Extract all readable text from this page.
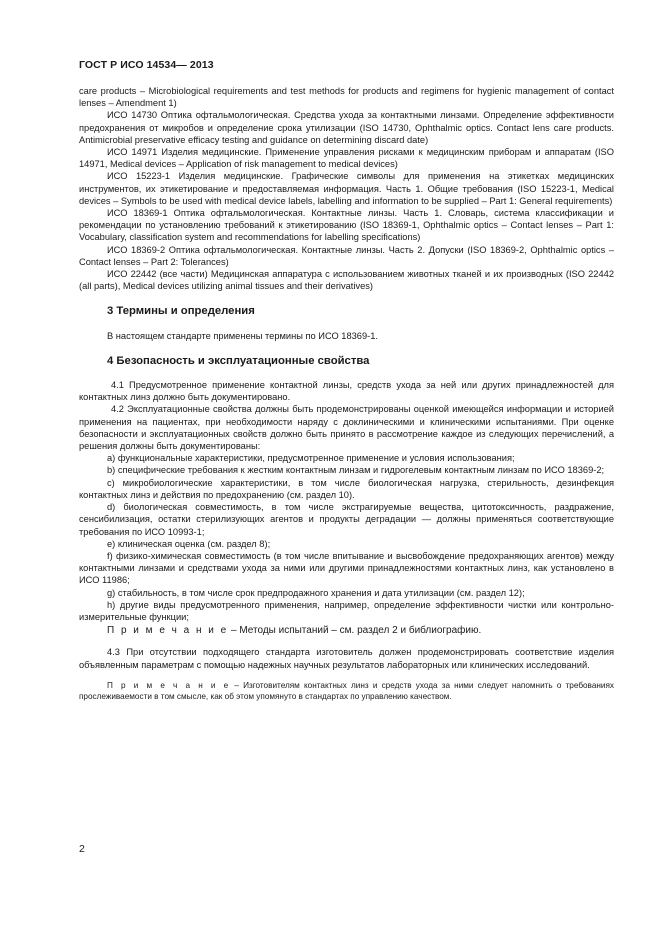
ГОСТ Р ИСО 14534— 2013

care products – Microbiological requirements and test methods for products and regimens for hygienic management of contact lenses – Amendment 1)

ИСО 14730 Оптика офтальмологическая. Средства ухода за контактными линзами. Определение эффективности предохранения от микробов и определение срока утилизации (ISO 14730, Ophthalmic optics. Contact lens care products. Antimicrobial preservative efficacy testing and guidance on determining discard date)

ИСО 14971 Изделия медицинские. Применение управления рисками к медицинским приборам и аппаратам (ISO 14971, Medical devices – Application of risk management to medical devices)

ИСО 15223-1 Изделия медицинские. Графические символы для применения на этикетках медицинских инструментов, их этикетирование и предоставляемая информация. Часть 1. Общие требования (ISO 15223-1, Medical devices – Symbols to be used with medical device labels, labelling and information to be supplied – Part 1: General requirements)

ИСО 18369-1 Оптика офтальмологическая. Контактные линзы. Часть 1. Словарь, система классификации и рекомендации по установлению требований к этикетированию (ISO 18369-1, Ophthalmic optics – Contact lenses – Part 1: Vocabulary, classification system and recommendations for labelling specifications)

ИСО 18369-2 Оптика офтальмологическая. Контактные линзы. Часть 2. Допуски (ISO 18369-2, Ophthalmic optics – Contact lenses – Part 2: Tolerances)

ИСО 22442 (все части) Медицинская аппаратура с использованием животных тканей и их производных (ISO 22442 (all parts), Medical devices utilizing animal tissues and their derivatives)

3 Термины и определения

В настоящем стандарте применены термины по ИСО 18369-1.

4 Безопасность и эксплуатационные свойства

4.1 Предусмотренное применение контактной линзы, средств ухода за ней или других принадлежностей для контактных линз должно быть документировано.

4.2 Эксплуатационные свойства должны быть продемонстрированы оценкой имеющейся информации и историей применения на пациентах, при необходимости наряду с доклиническими и клиническими испытаниями. При оценке безопасности и эксплуатационных свойств должно быть принято в рассмотрение каждое из следующих перечислений, а решения должны быть документированы:

а) функциональные характеристики, предусмотренное применение и условия использования;

b) специфические требования к жестким контактным линзам и гидрогелевым контактным линзам по ИСО 18369-2;

c) микробиологические характеристики, в том числе биологическая нагрузка, стерильность, дезинфекция контактных линз и действия по предохранению (см. раздел 10).

d) биологическая совместимость, в том числе экстрагируемые вещества, цитотоксичность, раздражение, сенсибилизация, остатки стерилизующих агентов и продукты деградации — должны применяться соответствующие требования по ИСО 10993-1;

e) клиническая оценка (см. раздел 8);

f) физико-химическая совместимость (в том числе впитывание и высвобождение предохраняющих агентов) между контактными линзами и средствами ухода за ними или другими принадлежностями контактных линз, как установлено в ИСО 11986;

g) стабильность, в том числе срок предпродажного хранения и дата утилизации (см. раздел 12);

h) другие виды предусмотренного применения, например, определение эффективности чистки или контрольно-измерительные функции;

П р и м е ч а н и е – Методы испытаний – см. раздел 2 и библиографию.

4.3 При отсутствии подходящего стандарта изготовитель должен продемонстрировать соответствие изделия объявленным параметрам с помощью надежных научных результатов лабораторных или клинических исследований.

П р и м е ч а н и е – Изготовителям контактных линз и средств ухода за ними следует напомнить о требованиях прослеживаемости в том смысле, как об этом упомянуто в стандартах по управлению качеством.

2
